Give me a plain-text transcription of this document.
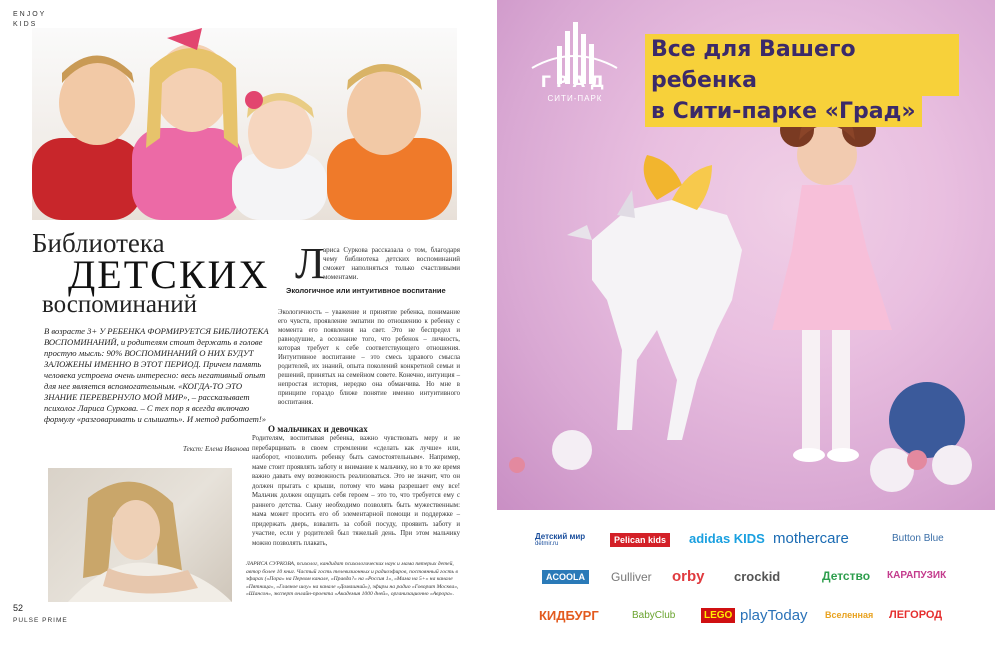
ENJOY
KIDS
Библиотека
ДЕТСКИХ
воспоминаний
В возрасте 3+ У РЕБЕНКА ФОРМИРУЕТСЯ БИБЛИОТЕКА ВОСПОМИНАНИЙ, и родителям стоит держать в голове простую мысль: 90% ВОСПОМИНАНИЙ О НИХ БУДУТ ЗАЛОЖЕНЫ ИМЕННО В ЭТОТ ПЕРИОД. Причем память человека устроена очень интересно: весь негативный опыт для нее является вспомогательным. «КОГДА-ТО ЭТО ЗНАНИЕ ПЕРЕВЕРНУЛО МОЙ МИР», – рассказывает психолог Лариса Суркова. – С тех пор я всегда включаю формулу «разговаривать и слышать». И метод работает!»
Текст: Елена Иванова
Л
ариса Суркова рассказала о том, благодаря чему библиотека детских воспоминаний сможет наполняться только счастливыми моментами.
Экологичное или интуитивное воспитание
Экологичность – уважение и принятие ребенка, понимание его чувств, проявление эмпатии по отношению к ребенку с момента его появления на свет. Это не беспредел и равнодушие, а осознание того, что ребенок – личность, которая требует к себе соответствующего отношения. Интуитивное воспитание – это смесь здравого смысла родителей, их знаний, опыта поколений конкретной семьи и решений, принятых на семейном совете. Конечно, интуиция – непростая история, нередко она обманчива. Но мне в принципе гораздо ближе понятие именно интуитивного воспитания.
О мальчиках и девочках
Родителям, воспитывая ребенка, важно чувствовать меру и не перебарщивать в своем стремлении «сделать как лучше» или, наоборот, «позволить ребенку быть самостоятельным». Например, маме стоит проявлять заботу и внимание к мальчику, но в то же время важно давать ему возможность реализоваться. Это не значит, что он должен прыгать с крыши, потому что мама разрешает ему все! Мальчик должен ощущать себя героем – это то, что требуется ему с раннего детства. Сыну необходимо позволять быть мужественным: мама может просить его об элементарной помощи и поддержке – придержать дверь, взвалить за собой посуду, проявить заботу и участие, если у родителей был тяжелый день. При этом мальчику можно позволять плакать,
ЛАРИСА СУРКОВА, психолог, кандидат психологических наук и мама пятерых детей, автор более 10 книг. Частый гость телевизионных и радиоэфиров, постоянный гость в эфирах («Пора» на Первом канале, «Правда?» на «Россия 1», «Мама на 5+» на канале «Пятница», «Главное шоу» на канале «Домашний»), эфиры на радио «Говорит Москва», «Шансон», эксперт онлайн-проекта «Академия 1000 дней», организационно «Аврора».
52
PULSE PRIME
ГРАД
СИТИ-ПАРК
Все для Вашего ребенка
в Сити-парке «Град»
Детский мир
detmir.ru	Pelican kids	adidas KIDS mothercare	Button Blue
ACOOLA	Gulliver orby crockid	Детство КАРАПУЗИК
КИДБУРГ	BabyClub	LEGO playToday Вселенная ЛЕГОРОД
